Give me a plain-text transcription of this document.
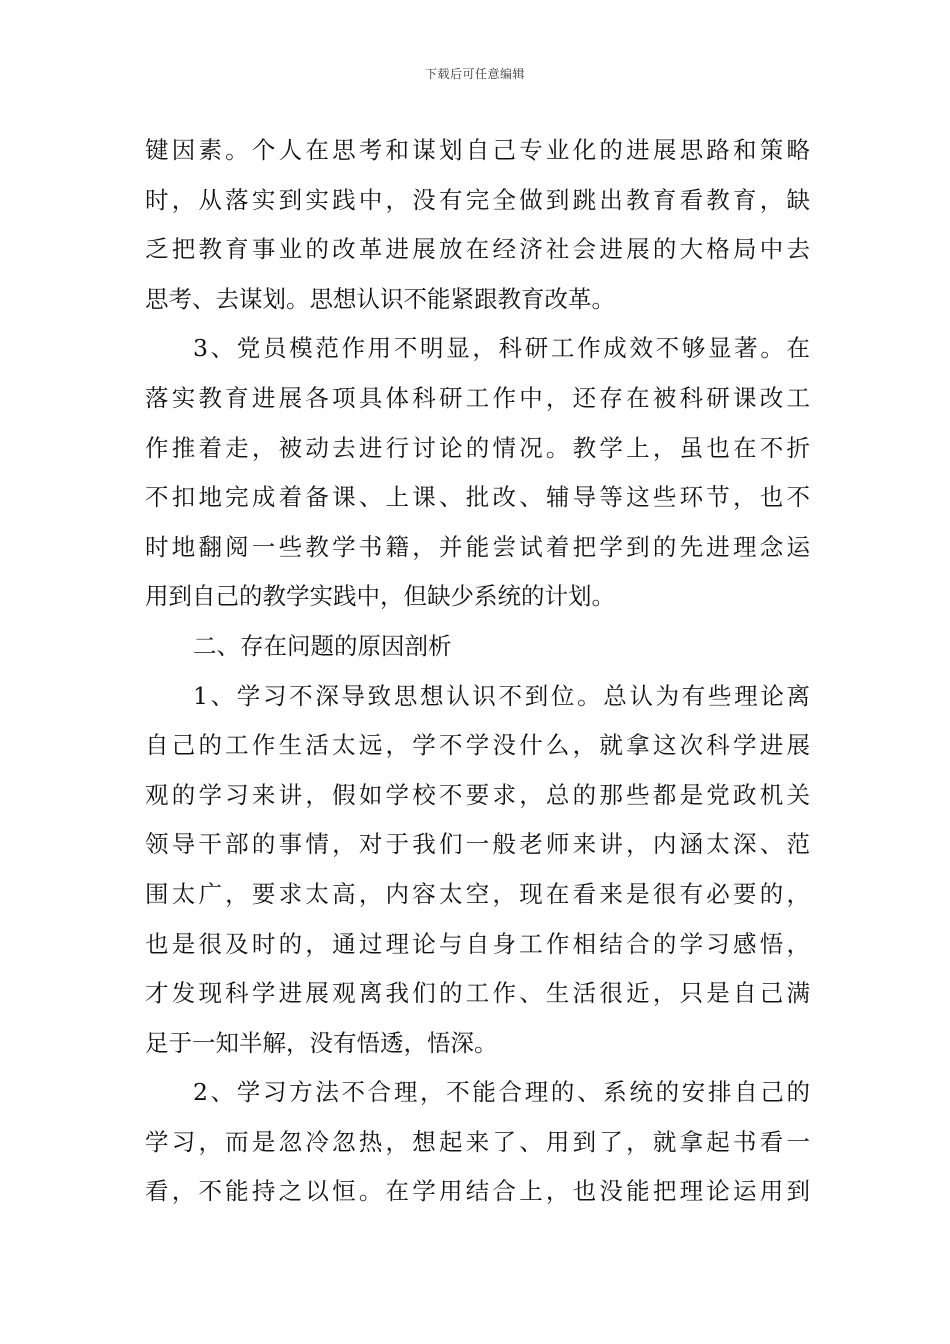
下载后可任意编辑
键因素。个人在思考和谋划自己专业化的进展思路和策略
时，从落实到实践中，没有完全做到跳出教育看教育，缺
乏把教育事业的改革进展放在经济社会进展的大格局中去
思考、去谋划。思想认识不能紧跟教育改革。
3、党员模范作用不明显，科研工作成效不够显著。在
落实教育进展各项具体科研工作中，还存在被科研课改工
作推着走，被动去进行讨论的情况。教学上，虽也在不折
不扣地完成着备课、上课、批改、辅导等这些环节，也不
时地翻阅一些教学书籍，并能尝试着把学到的先进理念运
用到自己的教学实践中，但缺少系统的计划。
二、存在问题的原因剖析
1、学习不深导致思想认识不到位。总认为有些理论离
自己的工作生活太远，学不学没什么，就拿这次科学进展
观的学习来讲，假如学校不要求，总的那些都是党政机关
领导干部的事情，对于我们一般老师来讲，内涵太深、范
围太广，要求太高，内容太空，现在看来是很有必要的，
也是很及时的，通过理论与自身工作相结合的学习感悟，
才发现科学进展观离我们的工作、生活很近，只是自己满
足于一知半解，没有悟透，悟深。
2、学习方法不合理，不能合理的、系统的安排自己的
学习，而是忽冷忽热，想起来了、用到了，就拿起书看一
看，不能持之以恒。在学用结合上，也没能把理论运用到
